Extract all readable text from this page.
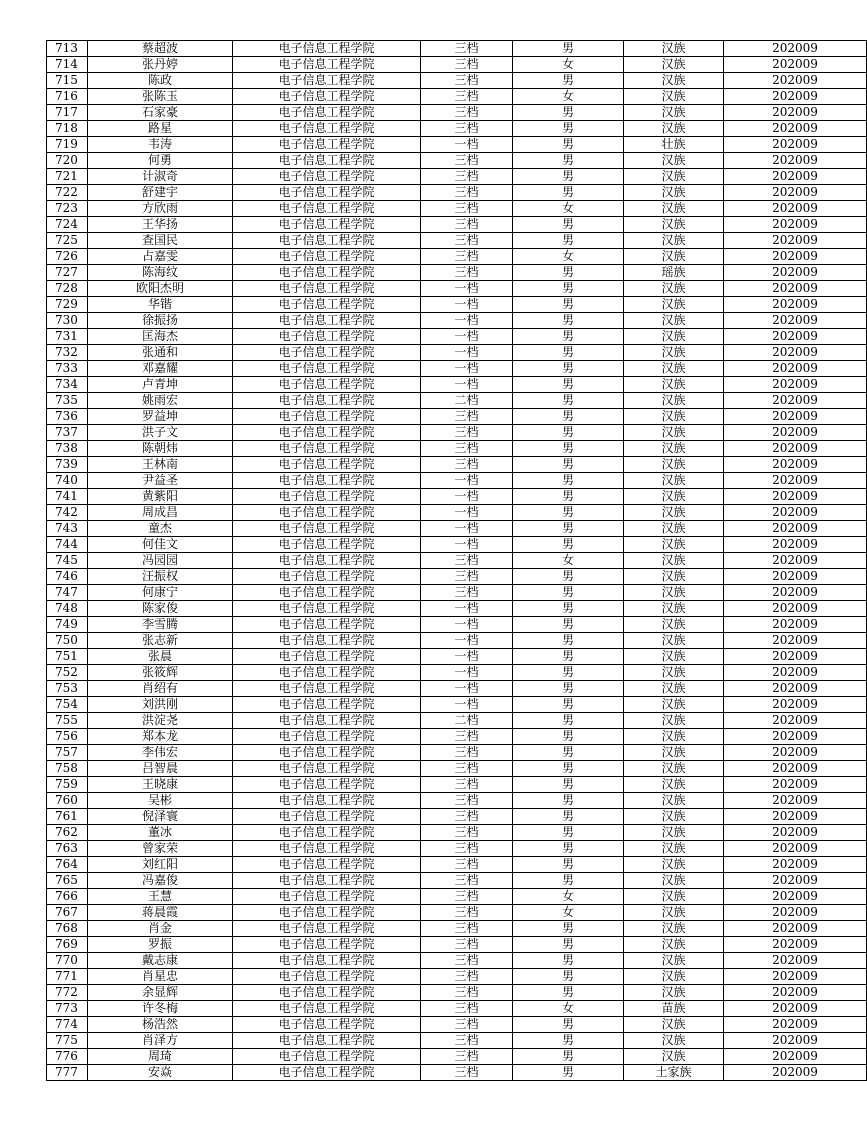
713	蔡超波	电子信息工程学院	三档	男	汉族	202009
714	张丹婷	电子信息工程学院	三档	女	汉族	202009
715	陈政	电子信息工程学院	三档	男	汉族	202009
716	张陈玉	电子信息工程学院	三档	女	汉族	202009
717	石家豪	电子信息工程学院	三档	男	汉族	202009
718	路星	电子信息工程学院	三档	男	汉族	202009
719	韦涛	电子信息工程学院	一档	男	壮族	202009
720	何勇	电子信息工程学院	三档	男	汉族	202009
721	计淑奇	电子信息工程学院	三档	男	汉族	202009
722	舒建宇	电子信息工程学院	三档	男	汉族	202009
723	方欣雨	电子信息工程学院	三档	女	汉族	202009
724	王华扬	电子信息工程学院	三档	男	汉族	202009
725	查国民	电子信息工程学院	三档	男	汉族	202009
726	占嘉雯	电子信息工程学院	三档	女	汉族	202009
727	陈海纹	电子信息工程学院	三档	男	瑶族	202009
728	欧阳杰明	电子信息工程学院	一档	男	汉族	202009
729	华锴	电子信息工程学院	一档	男	汉族	202009
730	徐振扬	电子信息工程学院	一档	男	汉族	202009
731	匡海杰	电子信息工程学院	一档	男	汉族	202009
732	张通和	电子信息工程学院	一档	男	汉族	202009
733	邓嘉耀	电子信息工程学院	一档	男	汉族	202009
734	卢青坤	电子信息工程学院	一档	男	汉族	202009
735	姚雨宏	电子信息工程学院	二档	男	汉族	202009
736	罗益坤	电子信息工程学院	三档	男	汉族	202009
737	洪子文	电子信息工程学院	三档	男	汉族	202009
738	陈朝炜	电子信息工程学院	三档	男	汉族	202009
739	王林南	电子信息工程学院	三档	男	汉族	202009
740	尹益圣	电子信息工程学院	一档	男	汉族	202009
741	黄紫阳	电子信息工程学院	一档	男	汉族	202009
742	周成昌	电子信息工程学院	一档	男	汉族	202009
743	童杰	电子信息工程学院	一档	男	汉族	202009
744	何佳文	电子信息工程学院	一档	男	汉族	202009
745	冯园园	电子信息工程学院	三档	女	汉族	202009
746	汪振权	电子信息工程学院	三档	男	汉族	202009
747	何康宁	电子信息工程学院	三档	男	汉族	202009
748	陈家俊	电子信息工程学院	一档	男	汉族	202009
749	李雪腾	电子信息工程学院	一档	男	汉族	202009
750	张志新	电子信息工程学院	一档	男	汉族	202009
751	张晨	电子信息工程学院	一档	男	汉族	202009
752	张筱辉	电子信息工程学院	一档	男	汉族	202009
753	肖绍有	电子信息工程学院	一档	男	汉族	202009
754	刘洪刚	电子信息工程学院	一档	男	汉族	202009
755	洪淀尧	电子信息工程学院	二档	男	汉族	202009
756	郑本龙	电子信息工程学院	三档	男	汉族	202009
757	李伟宏	电子信息工程学院	三档	男	汉族	202009
758	吕智晨	电子信息工程学院	三档	男	汉族	202009
759	王晓康	电子信息工程学院	三档	男	汉族	202009
760	吴彬	电子信息工程学院	三档	男	汉族	202009
761	倪泽寰	电子信息工程学院	三档	男	汉族	202009
762	董冰	电子信息工程学院	三档	男	汉族	202009
763	曾家荣	电子信息工程学院	三档	男	汉族	202009
764	刘红阳	电子信息工程学院	三档	男	汉族	202009
765	冯嘉俊	电子信息工程学院	三档	男	汉族	202009
766	王慧	电子信息工程学院	三档	女	汉族	202009
767	蒋晨霞	电子信息工程学院	三档	女	汉族	202009
768	肖金	电子信息工程学院	三档	男	汉族	202009
769	罗振	电子信息工程学院	三档	男	汉族	202009
770	戴志康	电子信息工程学院	三档	男	汉族	202009
771	肖星忠	电子信息工程学院	三档	男	汉族	202009
772	余显辉	电子信息工程学院	三档	男	汉族	202009
773	许冬梅	电子信息工程学院	三档	女	苗族	202009
774	杨浩然	电子信息工程学院	三档	男	汉族	202009
775	肖泽方	电子信息工程学院	三档	男	汉族	202009
776	周琦	电子信息工程学院	三档	男	汉族	202009
777	安焱	电子信息工程学院	三档	男	土家族	202009
